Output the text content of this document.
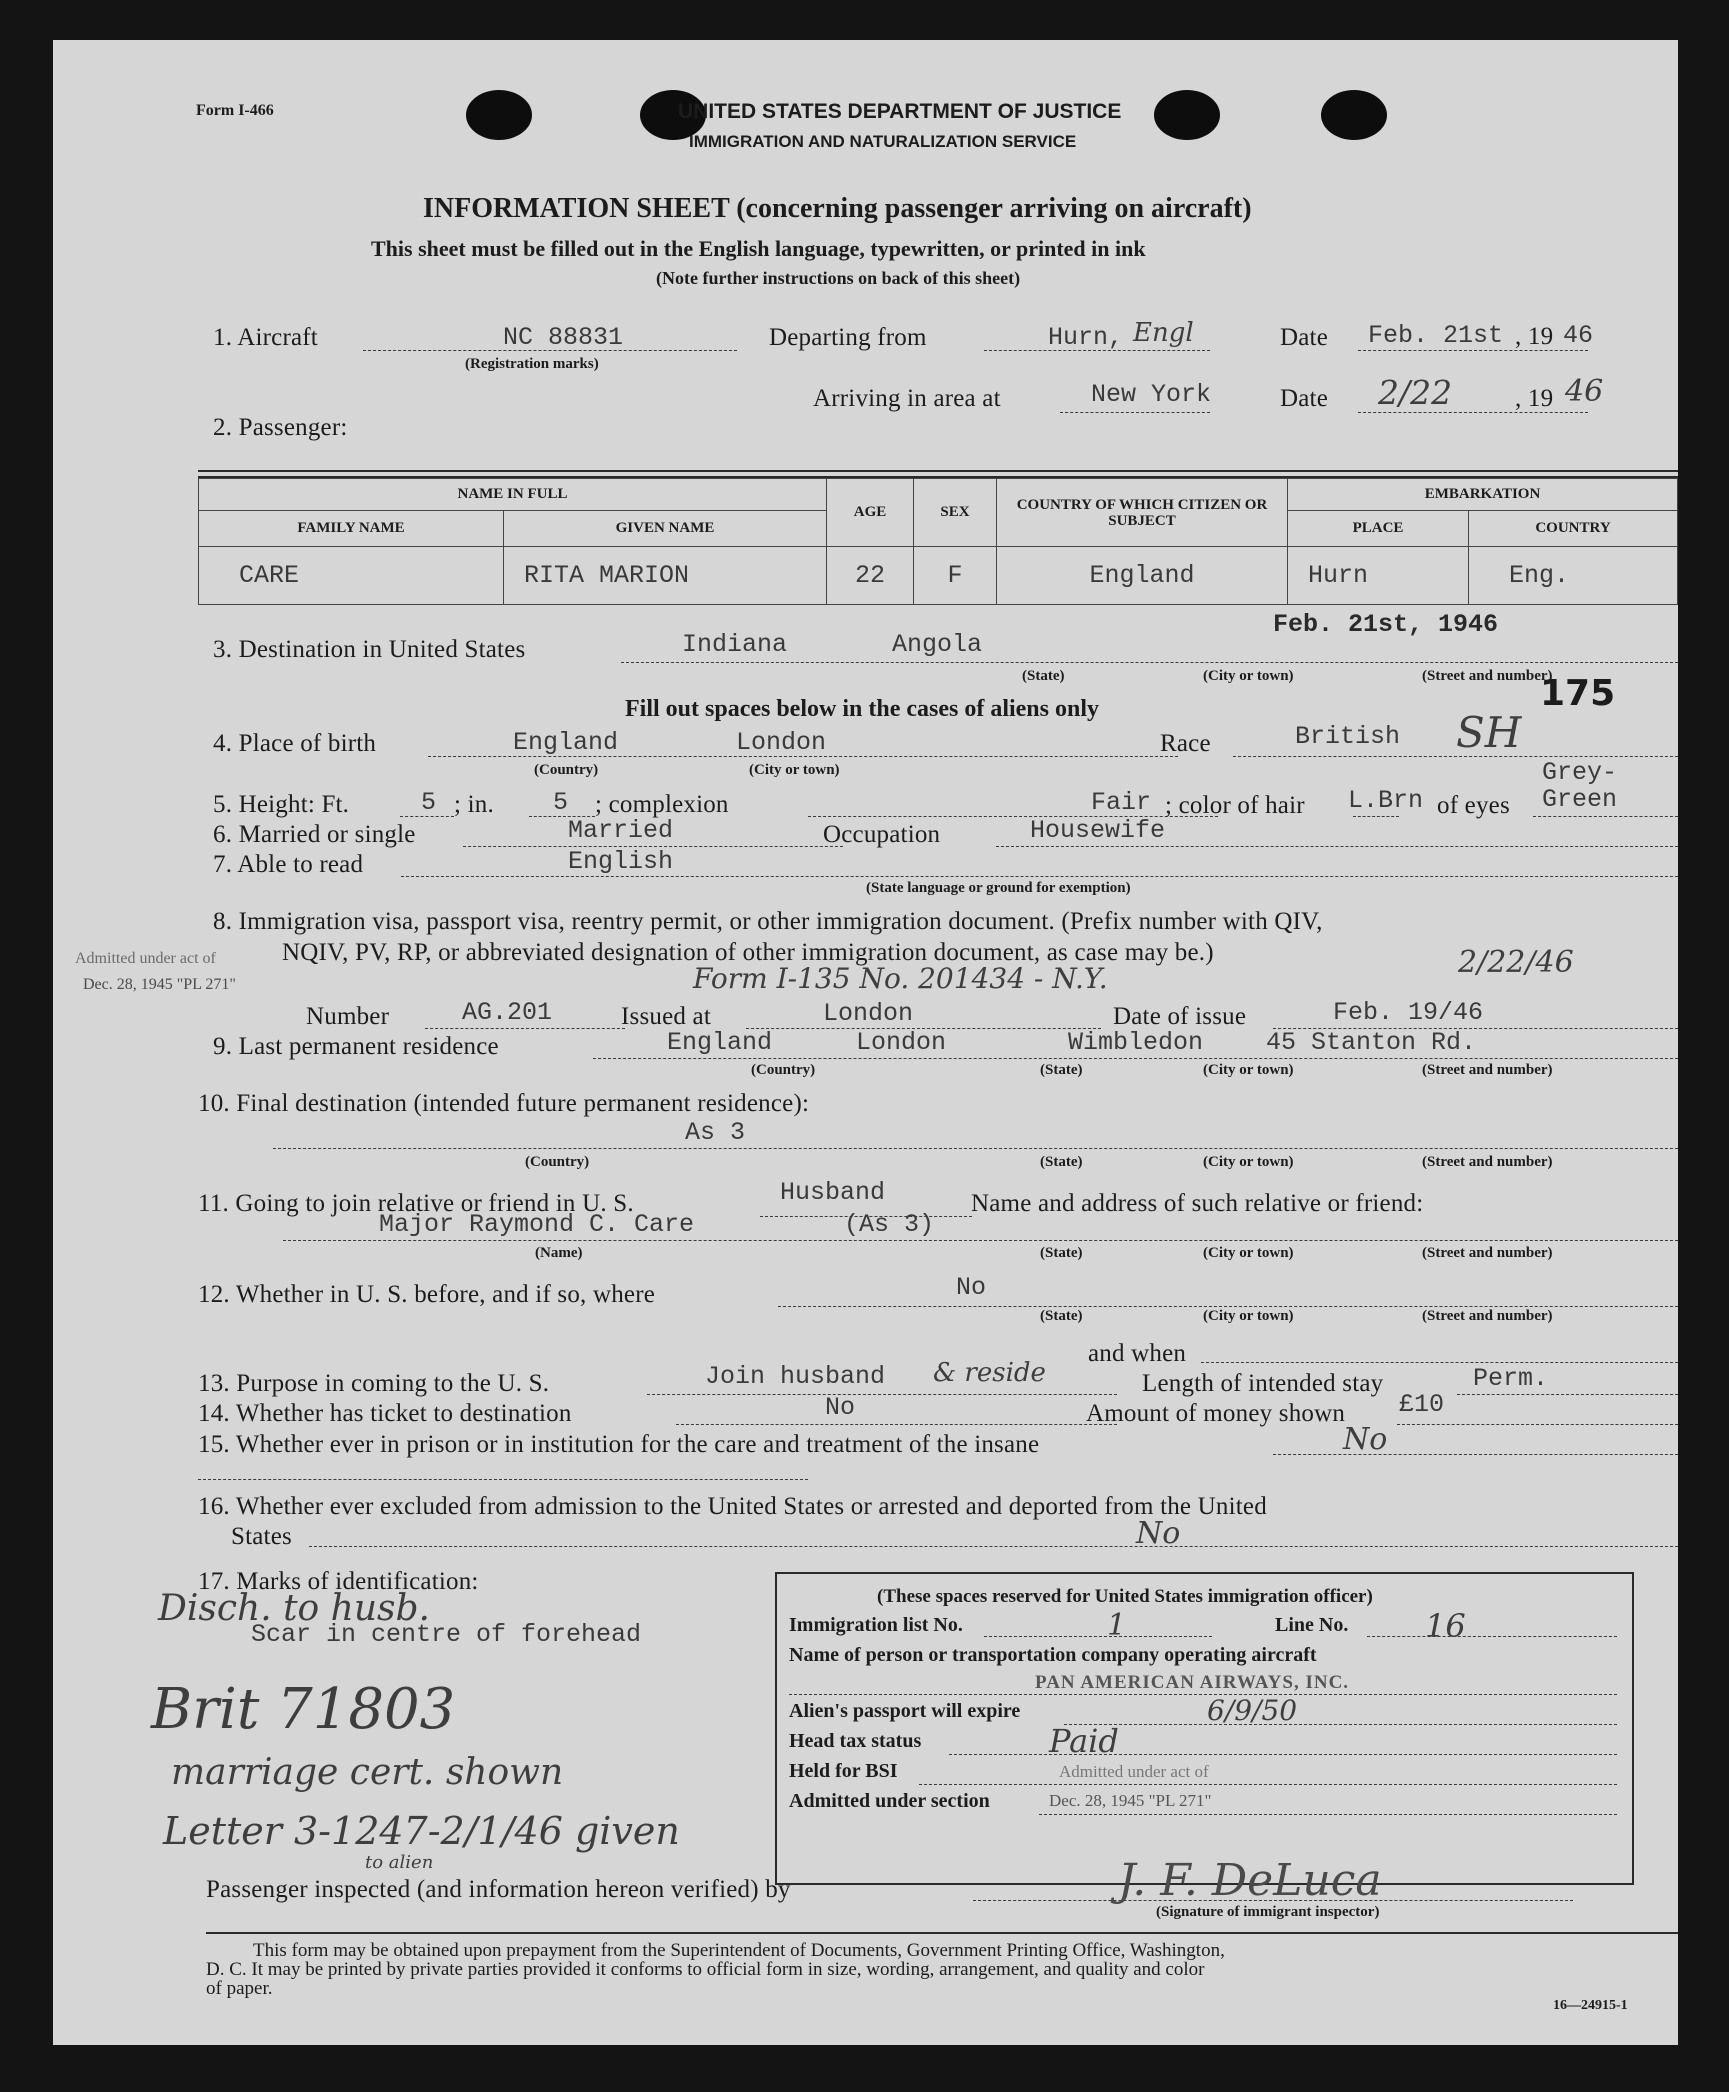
Form I-466	UNITED STATES DEPARTMENT OF JUSTICE
IMMIGRATION AND NATURALIZATION SERVICE
INFORMATION SHEET (concerning passenger arriving on aircraft)
This sheet must be filled out in the English language, typewritten, or printed in ink
(Note further instructions on back of this sheet)
1. Aircraft	NC 88831
(Registration marks)
Departing from	Hurn, Engl	Date Feb. 21st , 19 46
Arriving in area at	New York	Date 2/22	, 19 46
2. Passenger:
NAME IN FULL		AGE	SEX	COUNTRY OF WHICH CITIZEN OR SUBJECT	EMBARKATION	
FAMILY NAME	GIVEN NAME				PLACE	COUNTRY
CARE	RITA MARION	22	F	England	Hurn	Eng.
Feb. 21st, 1946
3. Destination in United States	Indiana	Angola
(State)	(City or town)	(Street and number)
Fill out spaces below in the cases of aliens only	175
4. Place of birth	England	London
(Country)	(City or town)
Race	British SH
5. Height: Ft.	5 ; in. 5 ; complexion	Fair ; color of hair L.Brn of eyes
Grey-
Green
6. Married or single	Married	Occupation	Housewife
7. Able to read	English
(State language or ground for exemption)
8. Immigration visa, passport visa, reentry permit, or other immigration document. (Prefix number with QIV,
NQIV, PV, RP, or abbreviated designation of other immigration document, as case may be.)
Admitted under act of
Dec. 28, 1945 "PL 271"	Form I-135 No. 201434 - N.Y.	2/22/46
Number	AG.201	Issued at	London	Date of issue	Feb. 19/46
9. Last permanent residence	England	London	Wimbledon	45 Stanton Rd.
(Country)	(State)	(City or town)	(Street and number)
10. Final destination (intended future permanent residence):
As 3
(Country)	(State)	(City or town)	(Street and number)
11. Going to join relative or friend in U. S.	Husband	Name and address of such relative or friend:
Major Raymond C. Care	(As 3)
(Name)	(State)	(City or town)	(Street and number)
12. Whether in U. S. before, and if so, where	No
(State)	(City or town)	(Street and number)
and when
13. Purpose in coming to the U. S.	Join husband & reside	Length of intended stay	Perm.
14. Whether has ticket to destination	No	Amount of money shown £10
15. Whether ever in prison or in institution for the care and treatment of the insane	No
16. Whether ever excluded from admission to the United States or arrested and deported from the United
States	No
17. Marks of identification:
Disch. to husb.
Scar in centre of forehead
Brit 71803
marriage cert. shown
Letter 3-1247-2/1/46 given
to alien
(These spaces reserved for United States immigration officer)
Immigration list No.	1	Line No. 16
Name of person or transportation company operating aircraft
PAN AMERICAN AIRWAYS, INC.
Alien's passport will expire	6/9/50
Head tax status	Paid
Held for BSI	Admitted under act of
Admitted under section	Dec. 28, 1945 "PL 271"
Passenger inspected (and information hereon verified) by	J. F. DeLuca
(Signature of immigrant inspector)
This form may be obtained upon prepayment from the Superintendent of Documents, Government Printing Office, Washington,
D. C. It may be printed by private parties provided it conforms to official form in size, wording, arrangement, and quality and color
of paper.
16—24915-1
